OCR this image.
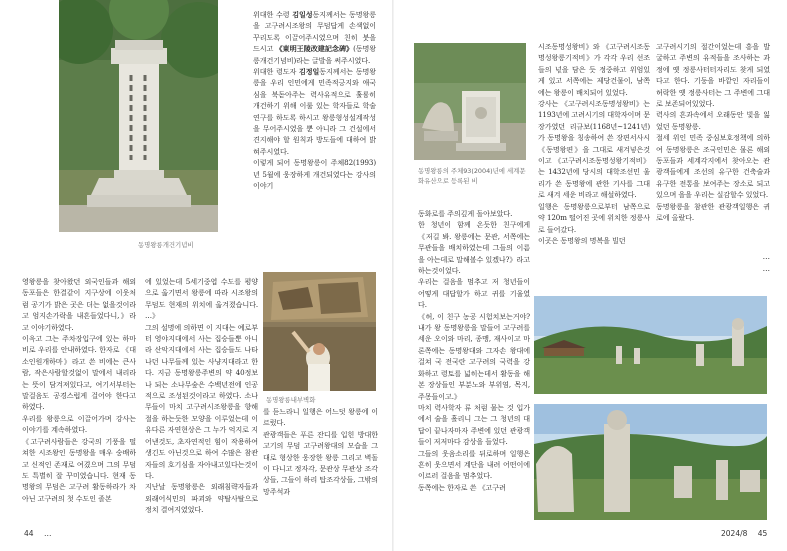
동명왕릉개건기념비

위대한 수령 김일성동지께서는 동명왕릉을 고구려시조왕의 무덤답게 손색없이 꾸리도록 이끌어주시였으며 친히 붓을 드시고 《東明王陵改建記念碑》(동명왕릉개건기념비)라는 글발을 써주시였다.

위대한 령도자 김정일동지께서는 동명왕릉을 우리 인민에게 민족적긍지와 애국심을 북돋아주는 력사유적으로 훌륭히 개건하기 위해 이룰 있는 학자들로 학술연구를 하도록 하시고 왕릉형성설계작성을 무어주시였을 뿐 아니라 그 건설에서 견지해야 할 원칙과 방도들에 대하여 밝혀주시였다.

이렇게 되어 동명왕릉이 주체82(1993)년 5월에 웅장하게 개건되였다는 강사의 이야기

동명왕릉내부벽화

영왕릉을 찾아왔던 외국인들과 해외동포들은 한결같이 지구상에 이웃처럼 공기가 밝은 곳은 더는 없을것이라고 엄지손가락을 내흔들었다니,》라고 이야기하였다.

이윽고 그는 주차장입구에 있는 하마비로 우리를 안내하였다. 한자로 《대소인원개하마》라고 쓴 비에는 큰사람, 작은사람할것없이 말에서 내리라는 뜻이 담겨져있다고, 여기서부터는 말걸음도 공경스럽게 걸어야 한다고 하였다.

우리를 왕릉으로 이끌어가며 강사는 이야기를 계속하였다.

《고구려사람들은 강국의 기풍을 떨쳐한 시조왕인 동명왕을 매우 숭배하고 신적인 존재로 여겼으며 그의 무덤도 특별히 잘 꾸미였습니다. 현재 동명왕의 무덤은 고구려 활동하라가 차 아닌 고구려의 첫 수도인 졸본

에 있었는데 5세기중엽 수도를 평양으로 옮기면서 왕릉에 따라 시조왕의 무덤도 현재의 위치에 옮겨졌습니다. …》

그의 설명에 의하면 이 지대는 예로부터 영야지대에서 사는 집승들뿐 아니라 산악지대에서 사는 집승들도 나타나던 나무들께 있는 사냥지대라고 한다. 지금 동명왕릉주변의 약 40정보나 되는 소나무숲은 수백년전에 인공적으로 조성된것이라고 하였다. 소나무들이 마치 고구려시조왕릉을 향해 절을 하는듯한 모양을 이루었는데 이 유다른 자연현상은 그 누가 억지로 지어낸것도, 초자연적인 힘이 작용하여생긴도 아닌것으로 하여 수많은 참관자들의 호기심을 자아내고있다는것이다.

지난날 동명왕릉은 외래침략자들과 외래어식민의 파괴와 약탈사탈으로 정치 결여지였었다.

를 듣느라니 일행은 어느덧 왕릉에 이르렀다.

관광객들은 푸른 잔디를 입힌 방대한 고기의 무덤 고구려왕대의 모습을 그대로 형상한 웅장한 왕릉 그리고 벽돌이 다니고 정자각, 문관상 무관상 조각상들, 그들이 하리 탑조각상들, 그밖의 망주석과

44 …
동명왕릉의 주체93(2004)년에 세계문화유산으로 등록된 비

시조동명성왕비》와 《고구려시조동명성왕릉기적비》가 각각 우리 선조들의 넋을 담은 듯 정중하고 위엄있게 있고 서쪽에는 제당건물이, 남쪽에는 왕릉이 배치되어 있었다.

강사는 《고구려시조동명성왕비》는 1193년에 고려시기의 대학자이며 문장가였던 리규보(1168년~1241년)가 동명왕을 칭송하여 쓴 장편서사시 《동명왕편》을 그대로 새겨넣은것이고 《고구려시조동명성왕기적비》는 1432년에 당시의 대학조선민 울리가 쓴 동명왕에 관한 기사를 그대로 새겨 세운 비라고 해설하였다.

일행은 동명왕릉으로부터 남쪽으로 약 120m 떨어진 곳에 위치한 정릉사로 들어갔다.

이곳은 동명왕의 명복을 빌던

고구려시기의 절간이었는데 흥을 발굴하고 주변의 유적들을 조사하는 과정에 옛 정릉사터터자리도 찾게 되였다고 한다. 기둥을 바깥인 자리들이 허락한 옛 정릉사터는 그 주변에 그대로 보존되어있었다.

력사의 흔과속에서 오래동안 빛을 잃었던 동명왕릉.

절세 위인 민족 중심보호정책에 의하여 동명왕릉은 조국인민은 물론 해외동포들과 세계각지에서 찾아오는 관광객들에게 조선의 유구한 건축술과 유구한 전통을 보여주는 장소로 되고있으며 을을 우리는 실감할수 있었다.

동명왕릉을 참관한 관광객일행은 귀로에 올랐다.

…
…

동화로를 주의깊게 돌아보았다.

한 청년이 함께 온듯한 친구에게 《저길 봐. 왕릉에는 문관, 서쪽에는 무관들을 배치하였는데 그들의 이름을 아는데로 말해볼수 있겠나?》라고 하는것이었다.

우리는 걸음을 멈추고 저 청년들이 어떻게 대답할가 하고 귀를 기울였다.

《허, 이 친구 농공 시험치보는거야? 내가 왕 동명왕릉을 말들어 고구려를 세운 오이와 마리, 종맹, 재사이고 마론쪽에는 동명왕대와 그자손 왕대에 걸쳐 국 전국란 고구려의 국력을 강화하고 령토를 넓히는데서 활동을 해본 장상들인 부분노와 부위염, 목지, 주몽들이고.》

마치 력사학자 류 처럼 물는 것 입가에서 술을 흘리니 그는 그 청년의 대답이 끝나자마자 주변에 있던 관광객들이 저저마다 감상을 들었다.

그들의 웃음소리를 뒤로하며 일행은 흔히 웃으면서 계단을 내려 어떤이에 이르러 걸음을 멈추었다.

동쪽에는 한자로 쓴 《고구려

2024/8 45
